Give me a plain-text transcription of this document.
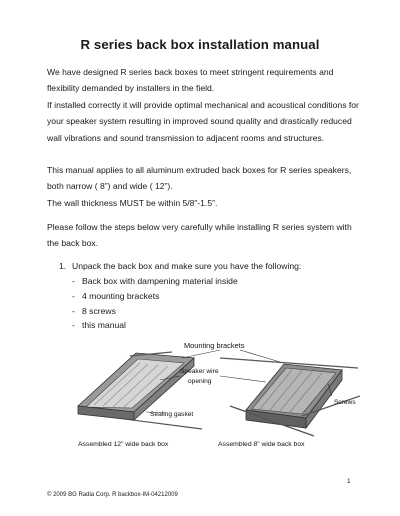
R series back box installation manual

We have designed R series back boxes to meet stringent requirements and flexibility demanded by installers in the field.

If installed correctly it will provide optimal mechanical and acoustical conditions for your speaker system resulting in improved sound quality and drastically reduced wall vibrations and sound transmission to adjacent rooms and structures.

This manual applies to all aluminum extruded back boxes for R series speakers, both narrow ( 8”) and wide ( 12”).

The wall thickness MUST be within 5/8”-1.5”.

Please follow the steps below very carefully while installing R series system with the back box.

1. Unpack the back box and make sure you have the following:
- Back box with dampening material inside
- 4 mounting brackets
- 8 screws
- this manual
Mounting brackets
Speaker wire
opening
Sealing gasket
Screws
Assembled 12” wide back box	Assembled 8” wide back box
1
© 2009 BG Radia Corp. R backbox-IM-04212009
